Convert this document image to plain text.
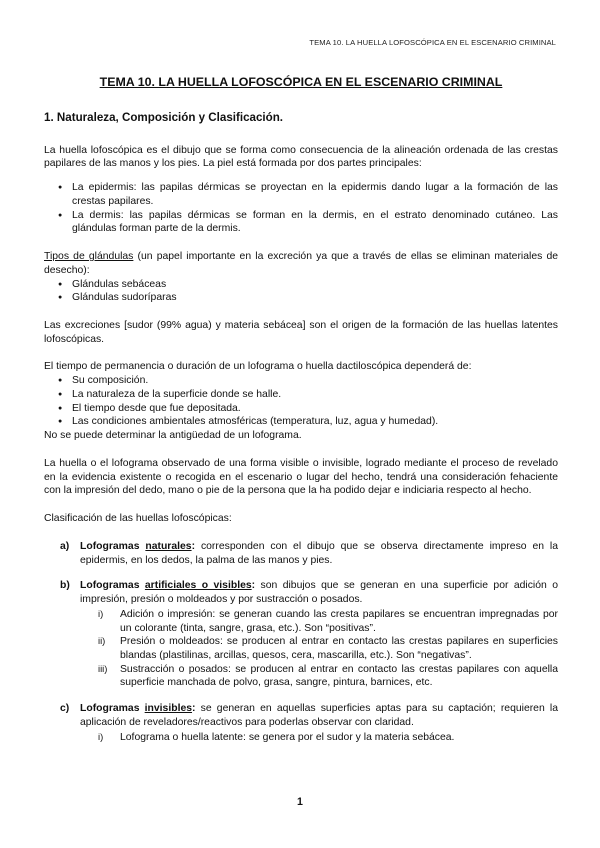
TEMA 10. LA HUELLA LOFOSCÓPICA EN EL ESCENARIO CRIMINAL
TEMA 10. LA HUELLA LOFOSCÓPICA EN EL ESCENARIO CRIMINAL
1. Naturaleza, Composición y Clasificación.

La huella lofoscópica es el dibujo que se forma como consecuencia de la alineación ordenada de las crestas papilares de las manos y los pies. La piel está formada por dos partes principales:

● La epidermis: las papilas dérmicas se proyectan en la epidermis dando lugar a la formación de las crestas papilares.
● La dermis: las papilas dérmicas se forman en la dermis, en el estrato denominado cutáneo. Las glándulas forman parte de la dermis.

Tipos de glándulas (un papel importante en la excreción ya que a través de ellas se eliminan materiales de desecho):

● Glándulas sebáceas
● Glándulas sudoríparas

Las excreciones [sudor (99% agua) y materia sebácea] son el origen de la formación de las huellas latentes lofoscópicas.

El tiempo de permanencia o duración de un lofograma o huella dactiloscópica dependerá de:

● Su composición.
● La naturaleza de la superficie donde se halle.
● El tiempo desde que fue depositada.
● Las condiciones ambientales atmosféricas (temperatura, luz, agua y humedad).

No se puede determinar la antigüedad de un lofograma.

La huella o el lofograma observado de una forma visible o invisible, logrado mediante el proceso de revelado en la evidencia existente o recogida en el escenario o lugar del hecho, tendrá una consideración fehaciente con la impresión del dedo, mano o pie de la persona que la ha podido dejar e indiciaria respecto al hecho.

Clasificación de las huellas lofoscópicas:

a) Lofogramas naturales: corresponden con el dibujo que se observa directamente impreso en la epidermis, en los dedos, la palma de las manos y pies.
b) Lofogramas artificiales o visibles: son dibujos que se generan en una superficie por adición o impresión, presión o moldeados y por sustracción o posados.
i) Adición o impresión: se generan cuando las cresta papilares se encuentran impregnadas por un colorante (tinta, sangre, grasa, etc.). Son “positivas”.
ii) Presión o moldeados: se producen al entrar en contacto las crestas papilares en superficies blandas (plastilinas, arcillas, quesos, cera, mascarilla, etc.). Son “negativas”.
iii) Sustracción o posados: se producen al entrar en contacto las crestas papilares con aquella superficie manchada de polvo, grasa, sangre, pintura, barnices, etc.
c) Lofogramas invisibles: se generan en aquellas superficies aptas para su captación; requieren la aplicación de reveladores/reactivos para poderlas observar con claridad.
i) Lofograma o huella latente: se genera por el sudor y la materia sebácea.
1
